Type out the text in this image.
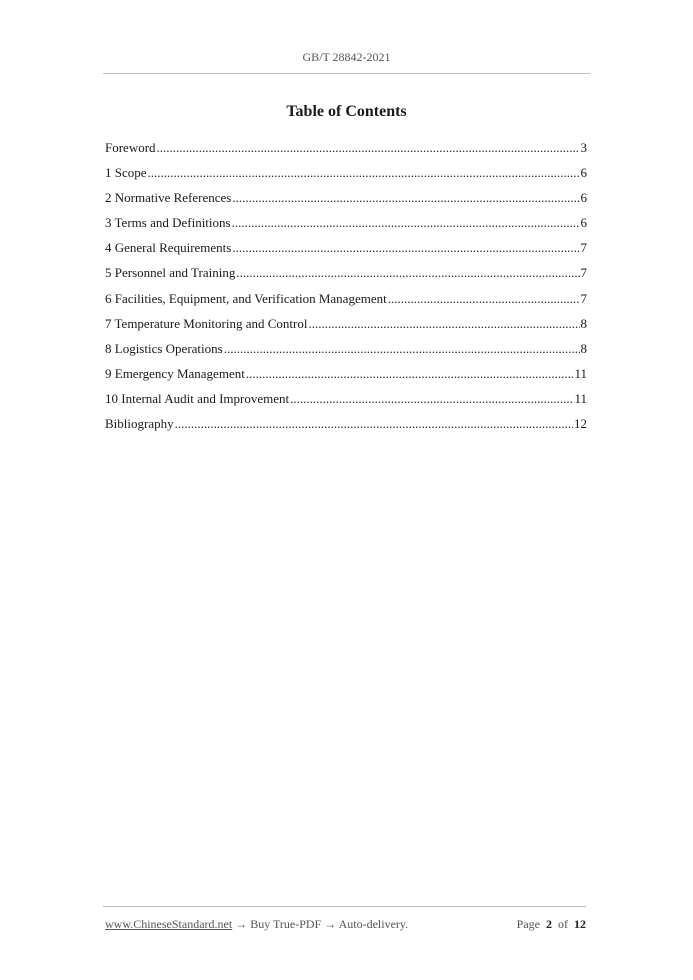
GB/T 28842-2021
Table of Contents
Foreword .....	3
1 Scope .....	6
2 Normative References .....	6
3 Terms and Definitions .....	6
4 General Requirements .....	7
5 Personnel and Training .....	7
6 Facilities, Equipment, and Verification Management .....	7
7 Temperature Monitoring and Control .....	8
8 Logistics Operations .....	8
9 Emergency Management .....	11
10 Internal Audit and Improvement .....	11
Bibliography .....	12
www.ChineseStandard.net → Buy True-PDF → Auto-delivery.	Page 2 of 12
